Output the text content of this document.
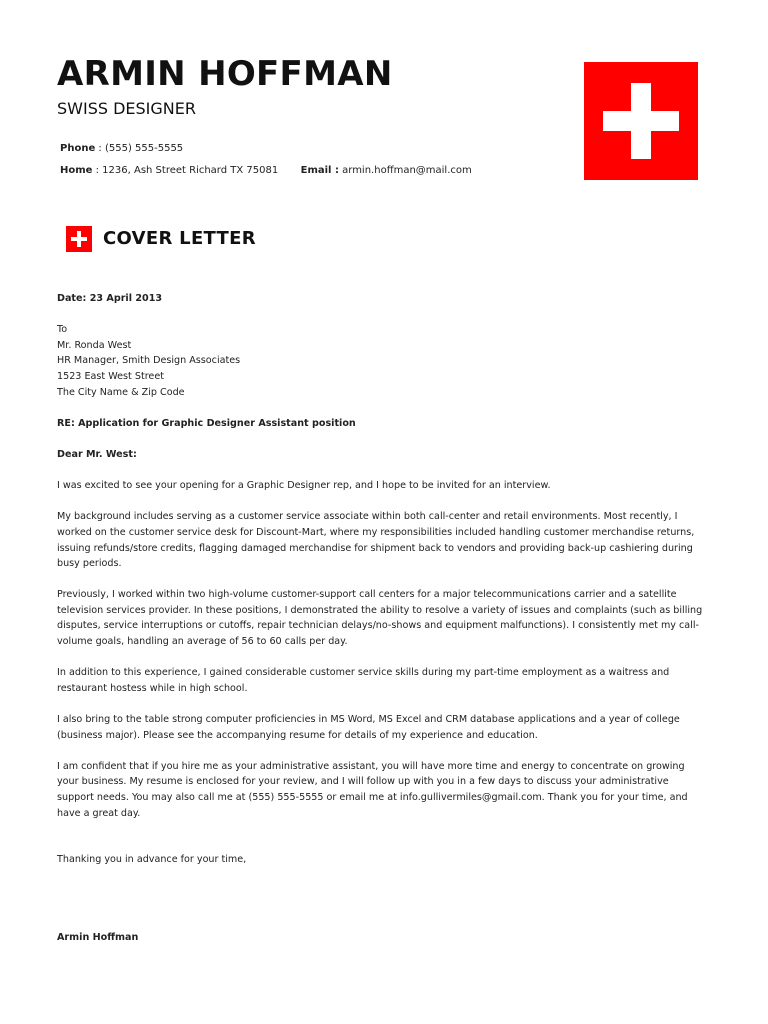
ARMIN HOFFMAN
SWISS DESIGNER
Phone : (555) 555-5555
Home : 1236, Ash Street Richard TX 75081 Email : armin.hoffman@mail.com
COVER LETTER

Date: 23 April 2013

To

Mr. Ronda West

HR Manager, Smith Design Associates

1523 East West Street

The City Name & Zip Code

RE: Application for Graphic Designer Assistant position

Dear Mr. West:

I was excited to see your opening for a Graphic Designer rep, and I hope to be invited for an interview.

My background includes serving as a customer service associate within both call-center and retail environments. Most recently, I worked on the customer service desk for Discount-Mart, where my responsibilities included handling customer merchandise returns, issuing refunds/store credits, flagging damaged merchandise for shipment back to vendors and providing back-up cashiering during busy periods.

Previously, I worked within two high-volume customer-support call centers for a major telecommunications carrier and a satellite television services provider. In these positions, I demonstrated the ability to resolve a variety of issues and complaints (such as billing disputes, service interruptions or cutoffs, repair technician delays/no-shows and equipment malfunctions). I consistently met my call-volume goals, handling an average of 56 to 60 calls per day.

In addition to this experience, I gained considerable customer service skills during my part-time employment as a waitress and restaurant hostess while in high school.

I also bring to the table strong computer proficiencies in MS Word, MS Excel and CRM database applications and a year of college (business major). Please see the accompanying resume for details of my experience and education.

I am confident that if you hire me as your administrative assistant, you will have more time and energy to concentrate on growing your business. My resume is enclosed for your review, and I will follow up with you in a few days to discuss your administrative support needs. You may also call me at (555) 555-5555 or email me at info.gullivermiles@gmail.com. Thank you for your time, and have a great day.

Thanking you in advance for your time,

Armin Hoffman
